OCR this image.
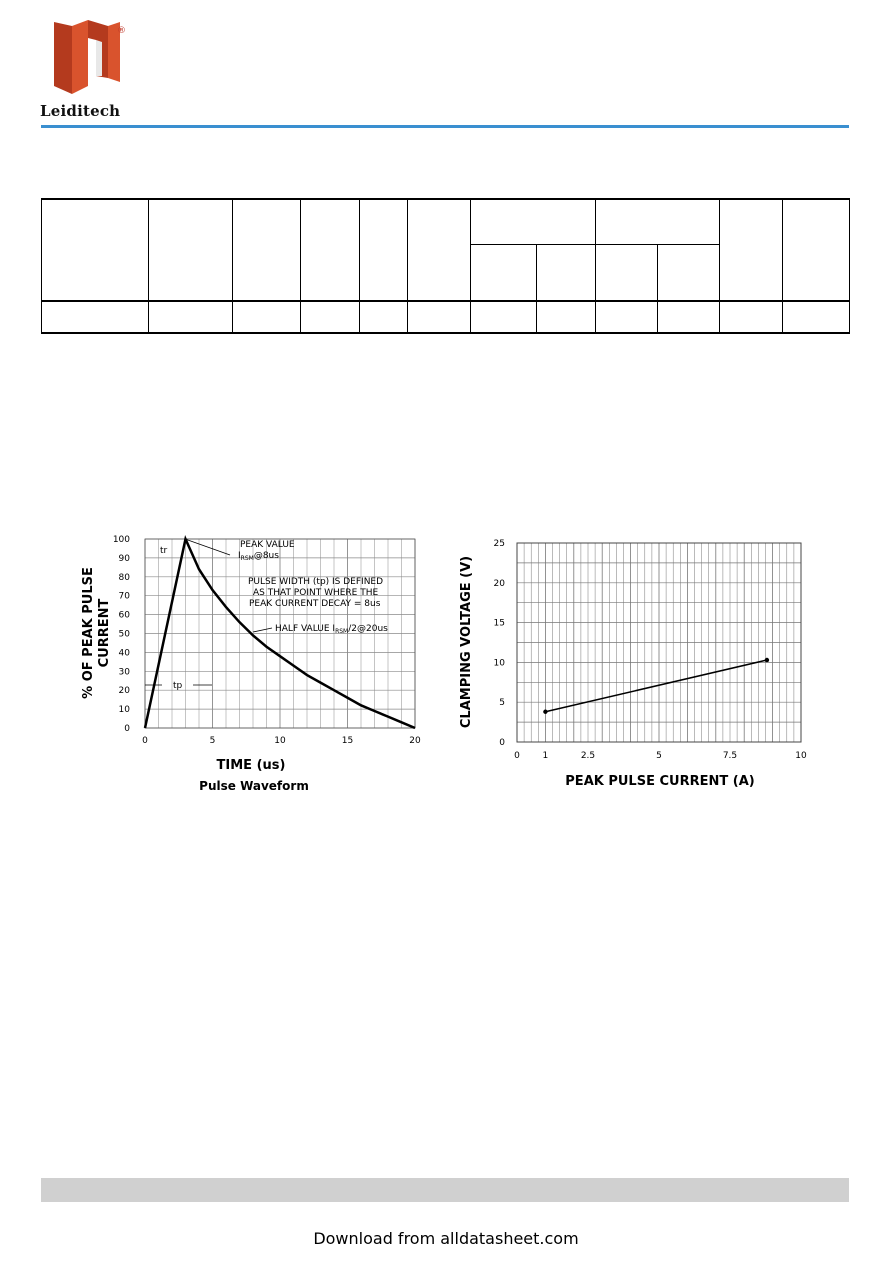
®
Leiditech

0	5	10	15	20
0
10
20
30
40
50
60
70
80
90
100	PEAK VALUE
$I_{RSM}@8us$
PULSE WIDTH (tp) IS DEFINED
AS THAT POINT WHERE THE
PEAK CURRENT DECAY = 8us
HALF VALUE $I_{RSM}/2@20us$
tr
tp
TIME (us)
Pulse Waveform
% OF PEAK PULSE CURRENT
0	1	2.5	5	7.5	10
0
5
10
15
20
25
PEAK PULSE CURRENT (A)
CLAMPING VOLTAGE (V)
Download from alldatasheet.com
